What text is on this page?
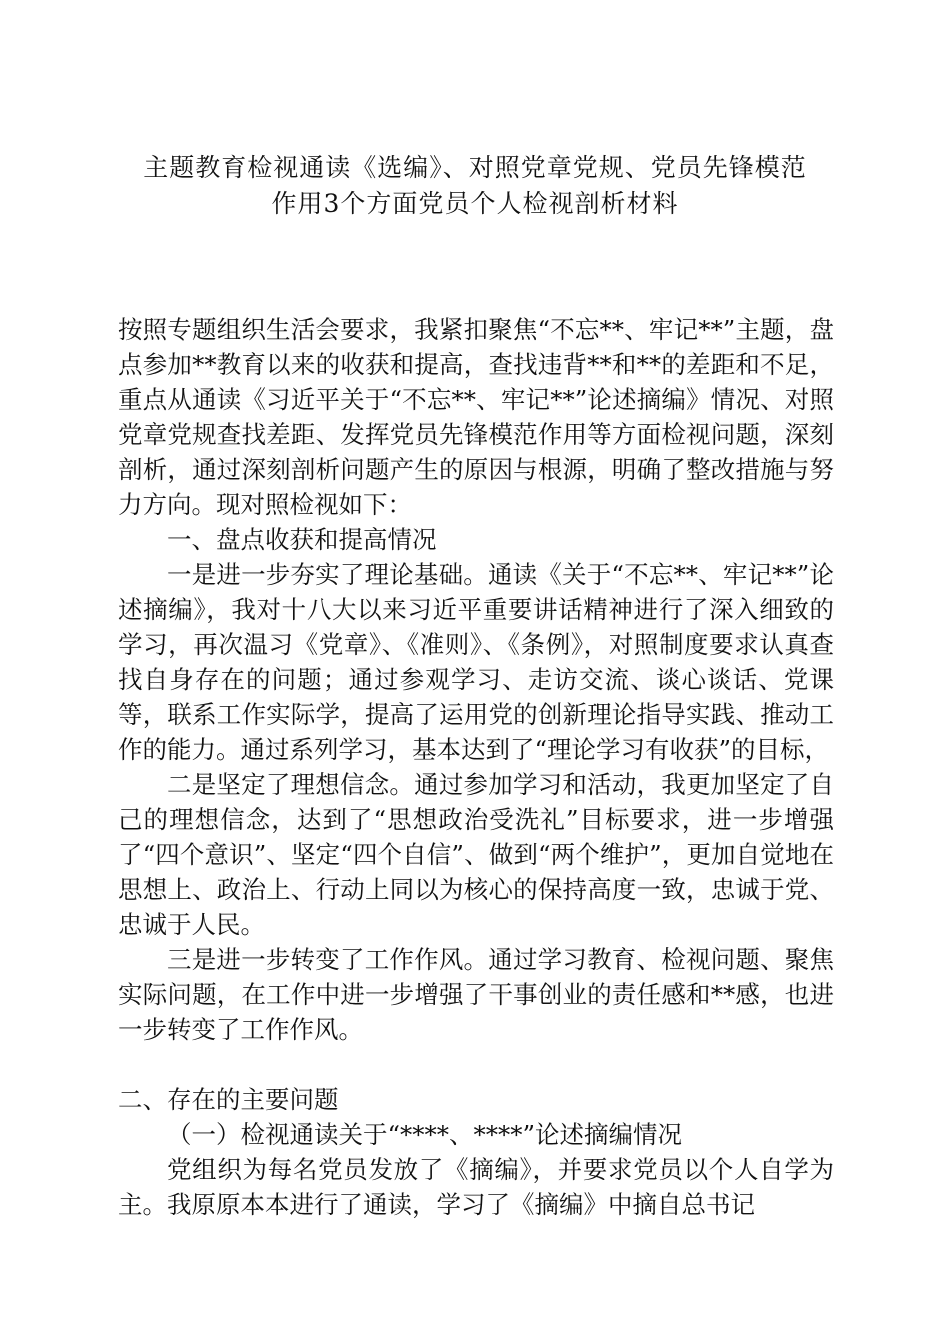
主题教育检视通读《选编》、对照党章党规、党员先锋模范
作用3个方面党员个人检视剖析材料

按照专题组织生活会要求，我紧扣聚焦“不忘**、牢记**”主题，盘点参加**教育以来的收获和提高，查找违背**和**的差距和不足，重点从通读《习近平关于“不忘**、牢记**”论述摘编》情况、对照党章党规查找差距、发挥党员先锋模范作用等方面检视问题，深刻剖析，通过深刻剖析问题产生的原因与根源，明确了整改措施与努力方向。现对照检视如下：

一、盘点收获和提高情况

一是进一步夯实了理论基础。通读《关于“不忘**、牢记**”论述摘编》，我对十八大以来习近平重要讲话精神进行了深入细致的学习，再次温习《党章》、《准则》、《条例》，对照制度要求认真查找自身存在的问题；通过参观学习、走访交流、谈心谈话、党课等，联系工作实际学，提高了运用党的创新理论指导实践、推动工作的能力。通过系列学习，基本达到了“理论学习有收获”的目标，

二是坚定了理想信念。通过参加学习和活动，我更加坚定了自己的理想信念，达到了“思想政治受洗礼”目标要求，进一步增强了“四个意识”、坚定“四个自信”、做到“两个维护”，更加自觉地在思想上、政治上、行动上同以为核心的保持高度一致，忠诚于党、忠诚于人民。

三是进一步转变了工作作风。通过学习教育、检视问题、聚焦实际问题，在工作中进一步增强了干事创业的责任感和**感，也进一步转变了工作作风。

二、存在的主要问题

（一）检视通读关于“****、****”论述摘编情况

党组织为每名党员发放了《摘编》，并要求党员以个人自学为主。我原原本本进行了通读，学习了《摘编》中摘自总书记
